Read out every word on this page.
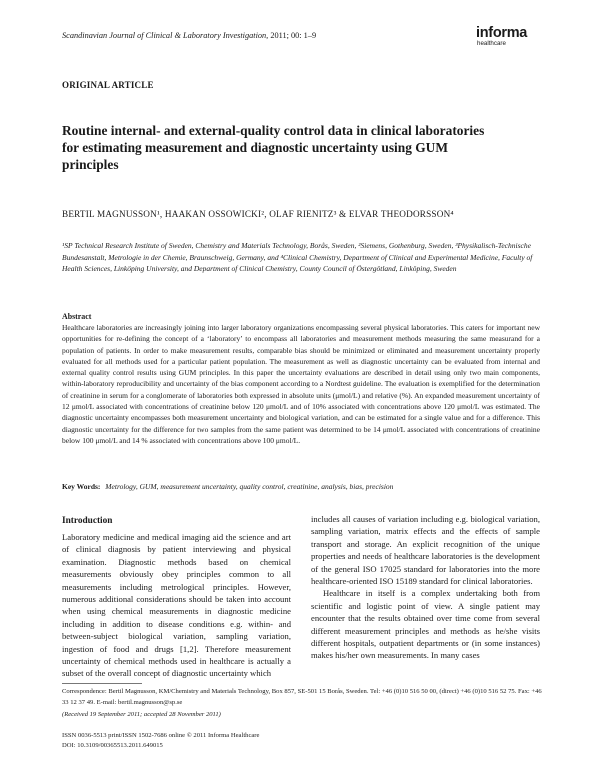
Scandinavian Journal of Clinical & Laboratory Investigation, 2011; 00: 1–9	informa
healthcare
ORIGINAL ARTICLE
Routine internal- and external-quality control data in clinical laboratories for estimating measurement and diagnostic uncertainty using GUM principles
BERTIL MAGNUSSON¹, HAAKAN OSSOWICKI², OLAF RIENITZ³ & ELVAR THEODORSSON⁴
¹SP Technical Research Institute of Sweden, Chemistry and Materials Technology, Borås, Sweden, ²Siemens, Gothenburg, Sweden, ³Physikalisch-Technische Bundesanstalt, Metrologie in der Chemie, Braunschweig, Germany, and ⁴Clinical Chemistry, Department of Clinical and Experimental Medicine, Faculty of Health Sciences, Linköping University, and Department of Clinical Chemistry, County Council of Östergötland, Linköping, Sweden
Abstract
Healthcare laboratories are increasingly joining into larger laboratory organizations encompassing several physical laboratories. This caters for important new opportunities for re-defining the concept of a ‘laboratory’ to encompass all laboratories and measurement methods measuring the same measurand for a population of patients. In order to make measurement results, comparable bias should be minimized or eliminated and measurement uncertainty properly evaluated for all methods used for a particular patient population. The measurement as well as diagnostic uncertainty can be evaluated from internal and external quality control results using GUM principles. In this paper the uncertainty evaluations are described in detail using only two main components, within-laboratory reproducibility and uncertainty of the bias component according to a Nordtest guideline. The evaluation is exemplified for the determination of creatinine in serum for a conglomerate of laboratories both expressed in absolute units (μmol/L) and relative (%). An expanded measurement uncertainty of 12 μmol/L associated with concentrations of creatinine below 120 μmol/L and of 10% associated with concentrations above 120 μmol/L was estimated. The diagnostic uncertainty encompasses both measurement uncertainty and biological variation, and can be estimated for a single value and for a difference. This diagnostic uncertainty for the difference for two samples from the same patient was determined to be 14 μmol/L associated with concentrations of creatinine below 100 μmol/L and 14 % associated with concentrations above 100 μmol/L.
Key Words: Metrology, GUM, measurement uncertainty, quality control, creatinine, analysis, bias, precision
Introduction

Laboratory medicine and medical imaging aid the science and art of clinical diagnosis by patient interviewing and physical examination. Diagnostic methods based on chemical measurements obviously obey principles common to all measurements including metrological principles. However, numerous additional considerations should be taken into account when using chemical measurements in diagnostic medicine including in addition to disease conditions e.g. within- and between-subject biological variation, sampling variation, ingestion of food and drugs [1,2]. Therefore measurement uncertainty of chemical methods used in healthcare is actually a subset of the overall concept of diagnostic uncertainty which

includes all causes of variation including e.g. biological variation, sampling variation, matrix effects and the effects of sample transport and storage. An explicit recognition of the unique properties and needs of healthcare laboratories is the development of the general ISO 17025 standard for laboratories into the more healthcare-oriented ISO 15189 standard for clinical laboratories.

Healthcare in itself is a complex undertaking both from scientific and logistic point of view. A single patient may encounter that the results obtained over time come from several different measurement principles and methods as he/she visits different hospitals, outpatient departments or (in some instances) makes his/her own measurements. In many cases

Correspondence: Bertil Magnusson, KM/Chemistry and Materials Technology, Box 857, SE-501 15 Borås, Sweden. Tel: +46 (0)10 516 50 00, (direct) +46 (0)10 516 52 75. Fax: +46 33 12 37 49. E-mail: bertil.magnusson@sp.se
(Received 19 September 2011; accepted 28 November 2011)
ISSN 0036-5513 print/ISSN 1502-7686 online © 2011 Informa Healthcare
DOI: 10.3109/00365513.2011.649015
